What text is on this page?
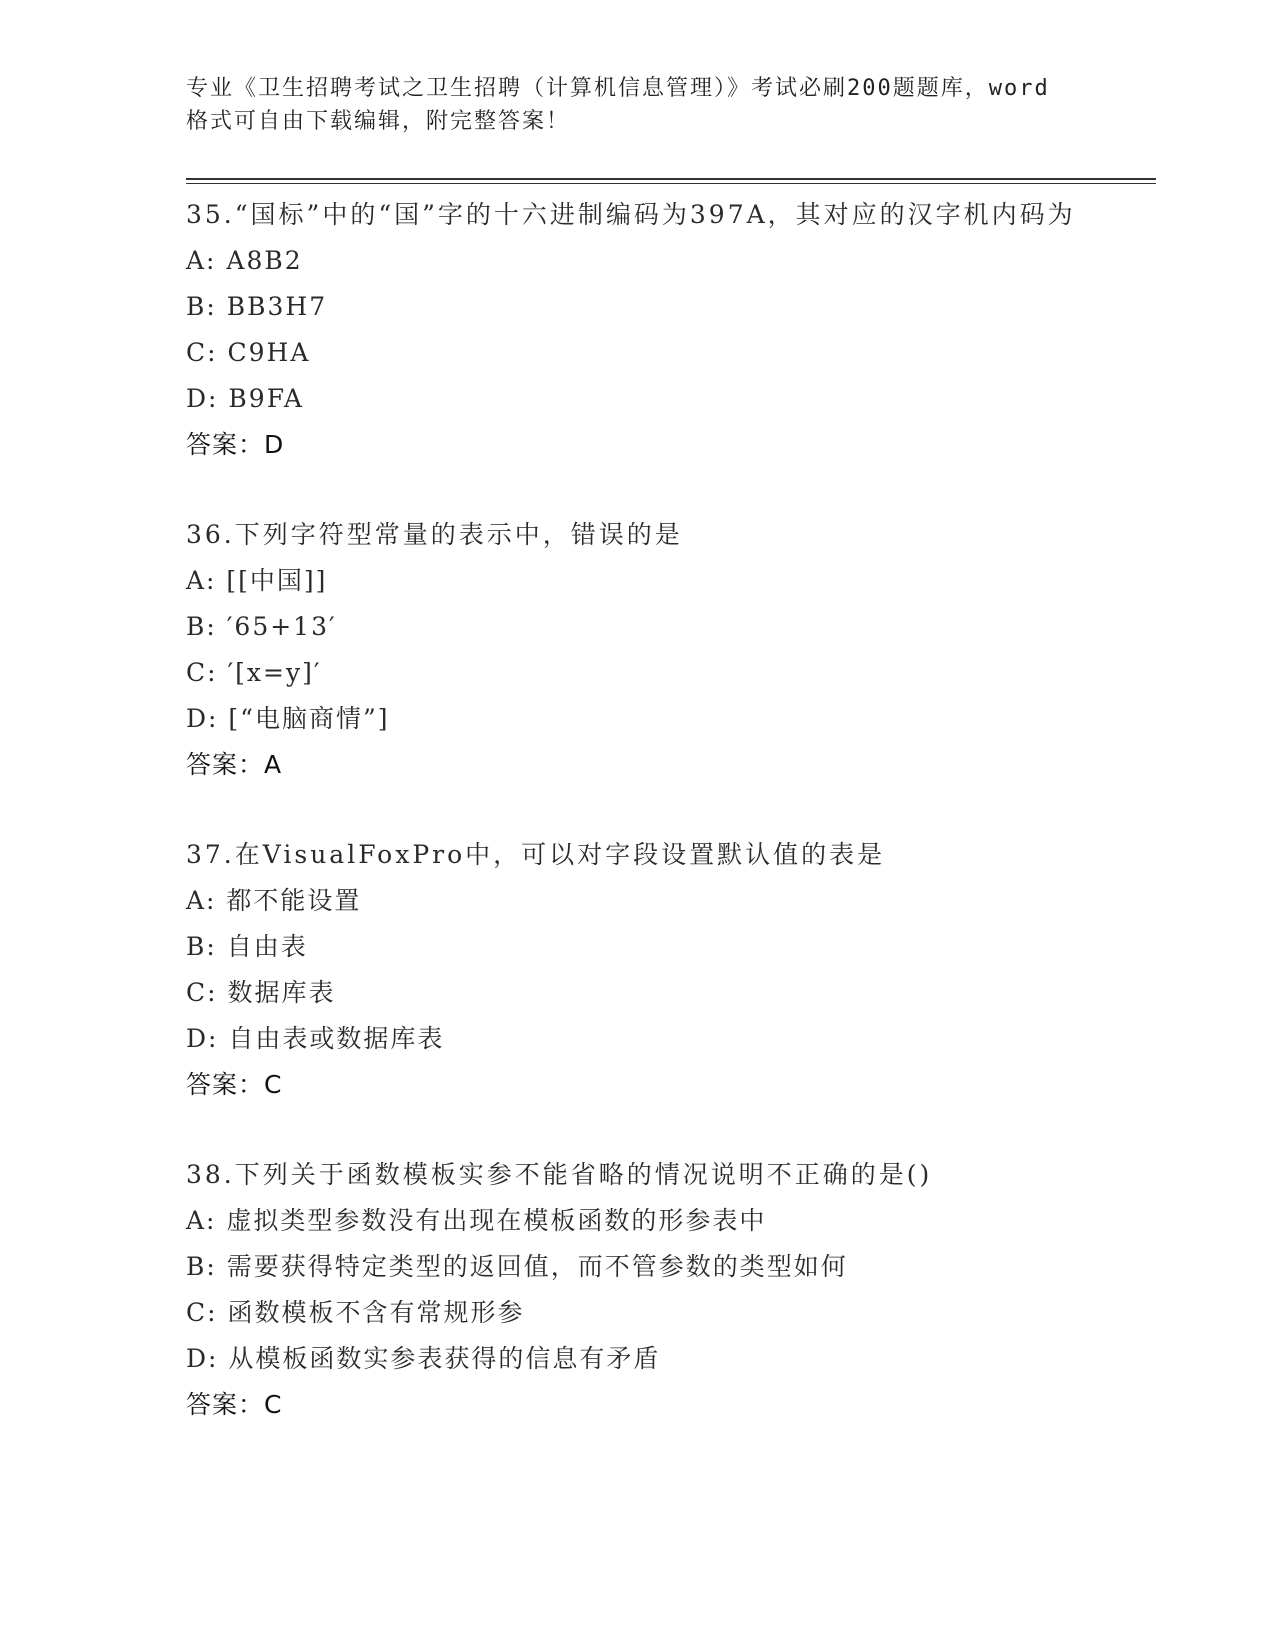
专业《卫生招聘考试之卫生招聘（计算机信息管理）》考试必刷200题题库，word
格式可自由下载编辑，附完整答案！
35.“国标”中的“国”字的十六进制编码为397A，其对应的汉字机内码为
A: A8B2
B: BB3H7
C: C9HA
D: B9FA
答案：D
36.下列字符型常量的表示中，错误的是
A: [[中国]]
B: ′65+13′
C: ′[x=y]′
D: [“电脑商情”]
答案：A
37.在VisualFoxPro中，可以对字段设置默认值的表是
A: 都不能设置
B: 自由表
C: 数据库表
D: 自由表或数据库表
答案：C
38.下列关于函数模板实参不能省略的情况说明不正确的是()
A: 虚拟类型参数没有出现在模板函数的形参表中
B: 需要获得特定类型的返回值，而不管参数的类型如何
C: 函数模板不含有常规形参
D: 从模板函数实参表获得的信息有矛盾
答案：C
